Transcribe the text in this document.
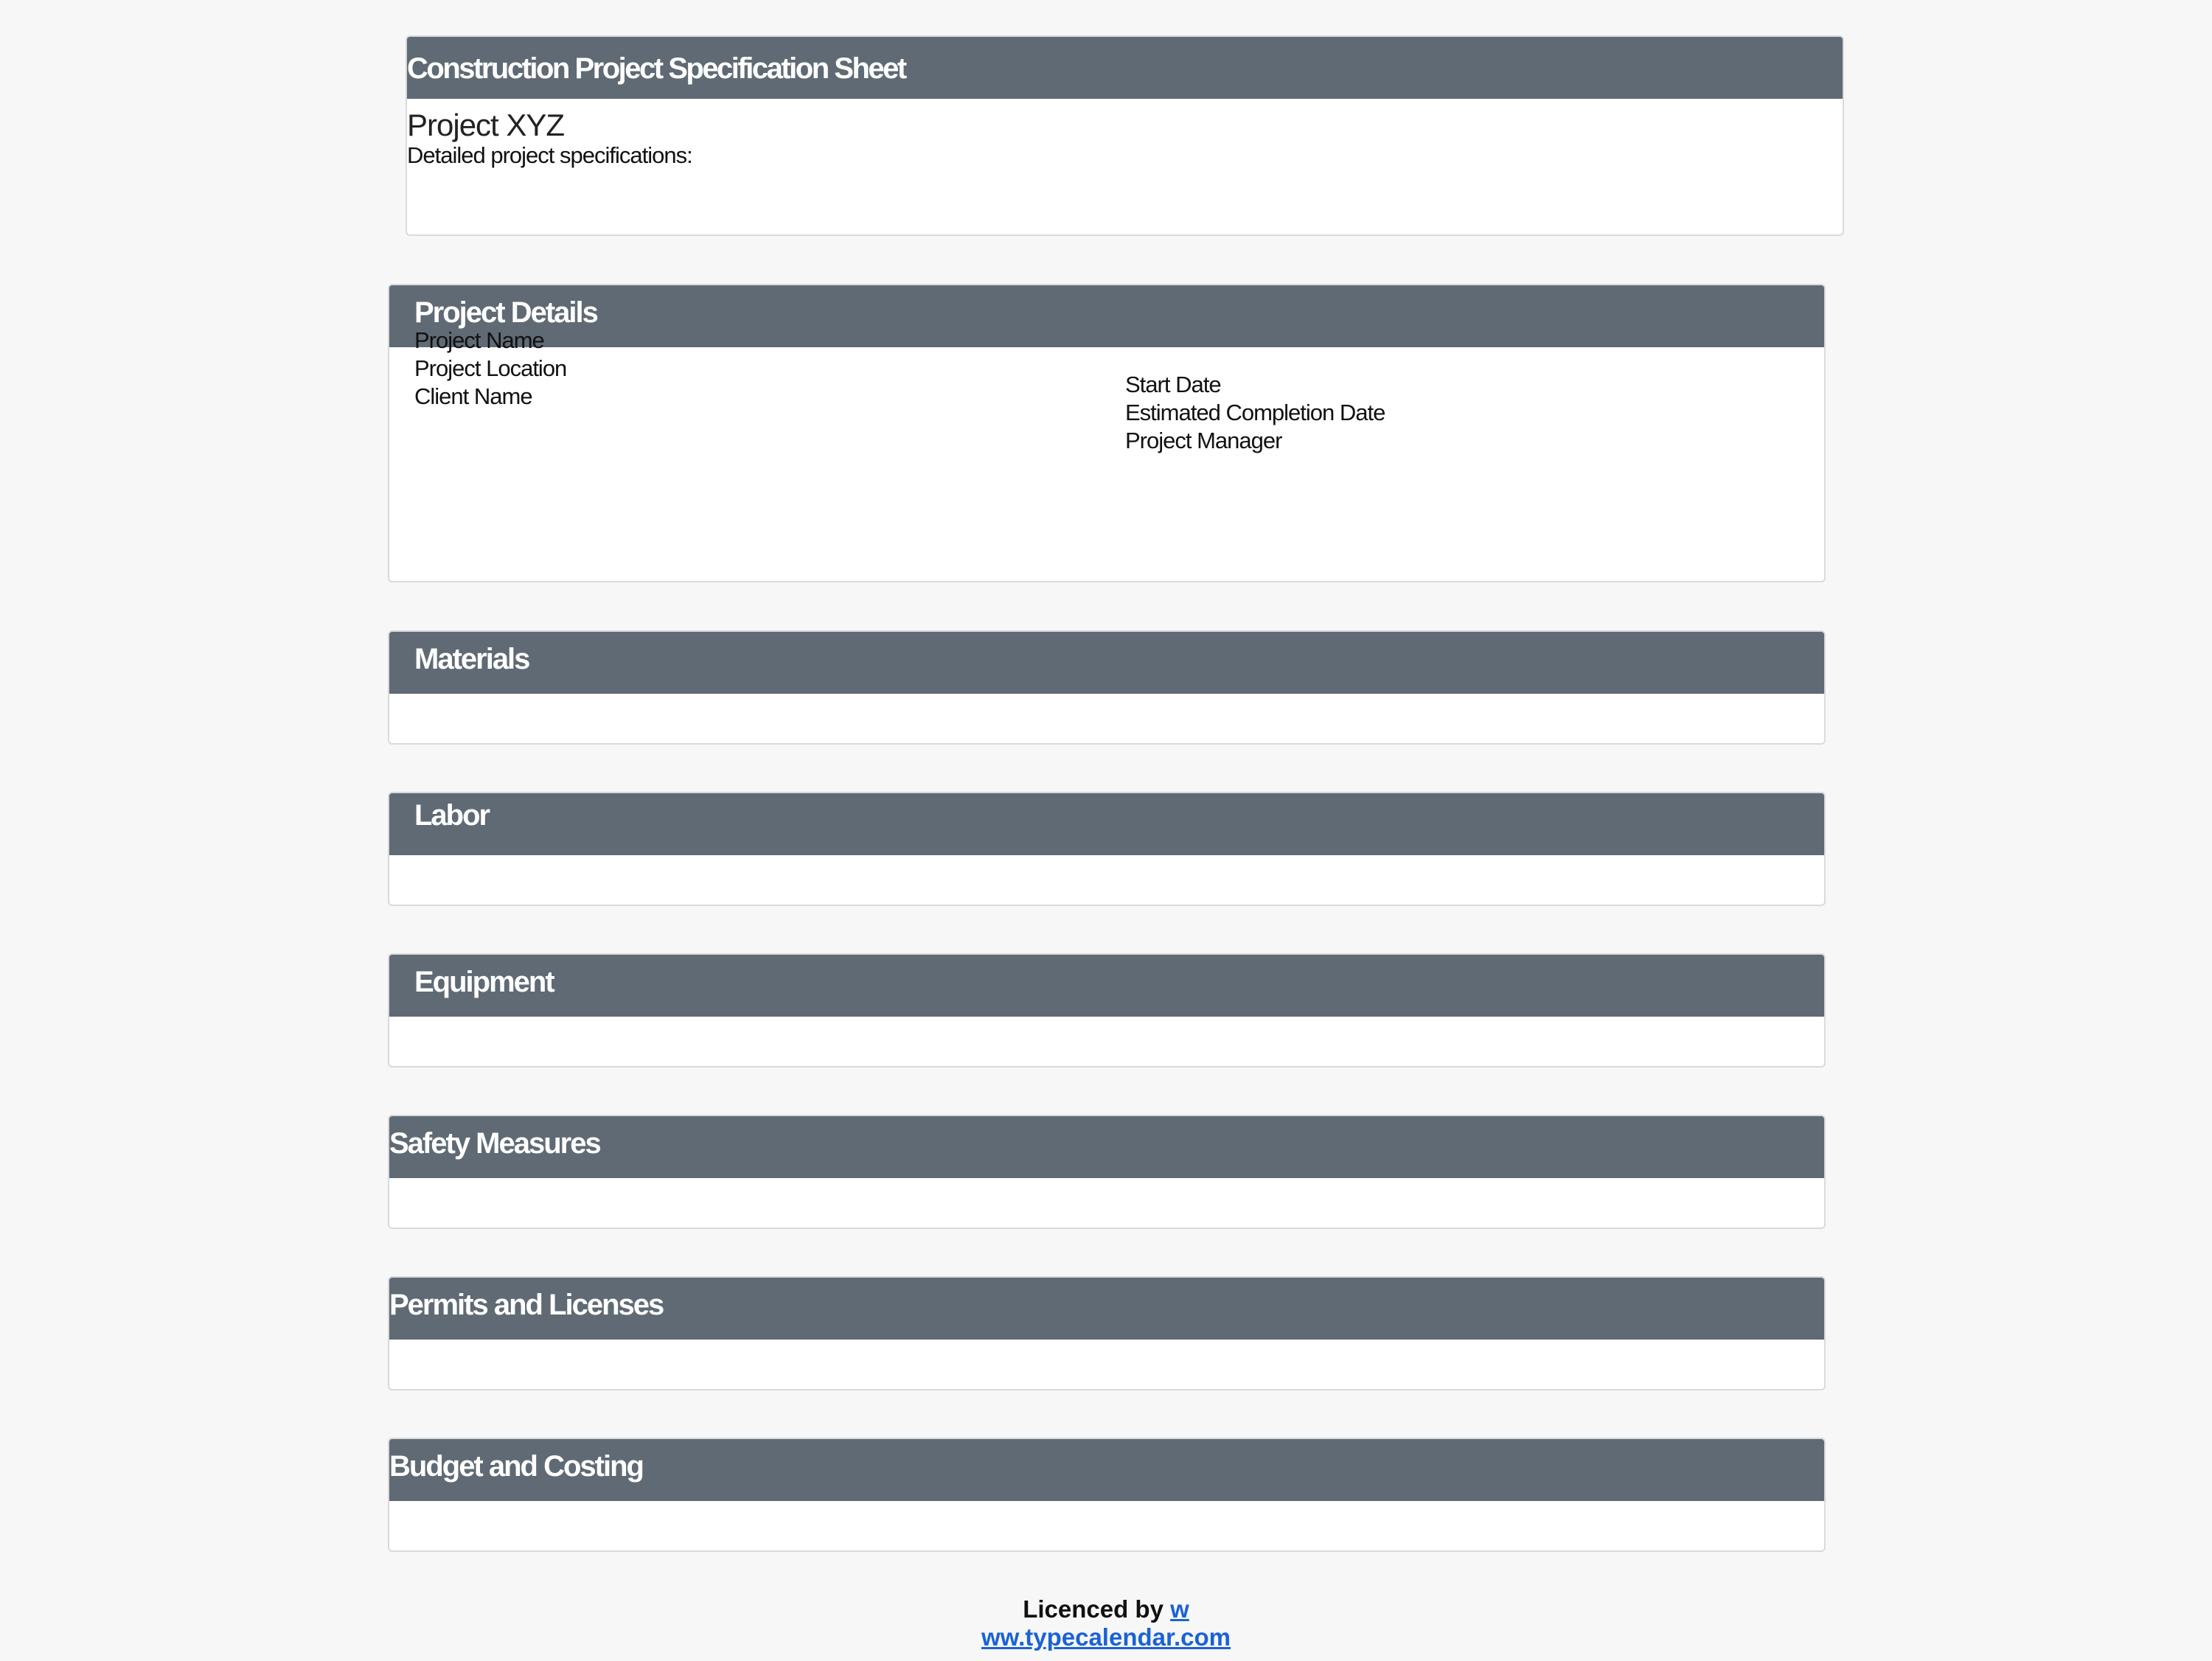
Construction Project Specification Sheet
Project XYZ
Detailed project specifications:
Project Details
Project Name
Project Location
Client Name	Start Date
Estimated Completion Date
Project Manager
Materials
Labor
Equipment
Safety Measures
Permits and Licenses
Budget and Costing
Licenced by w
ww.typecalendar.com
